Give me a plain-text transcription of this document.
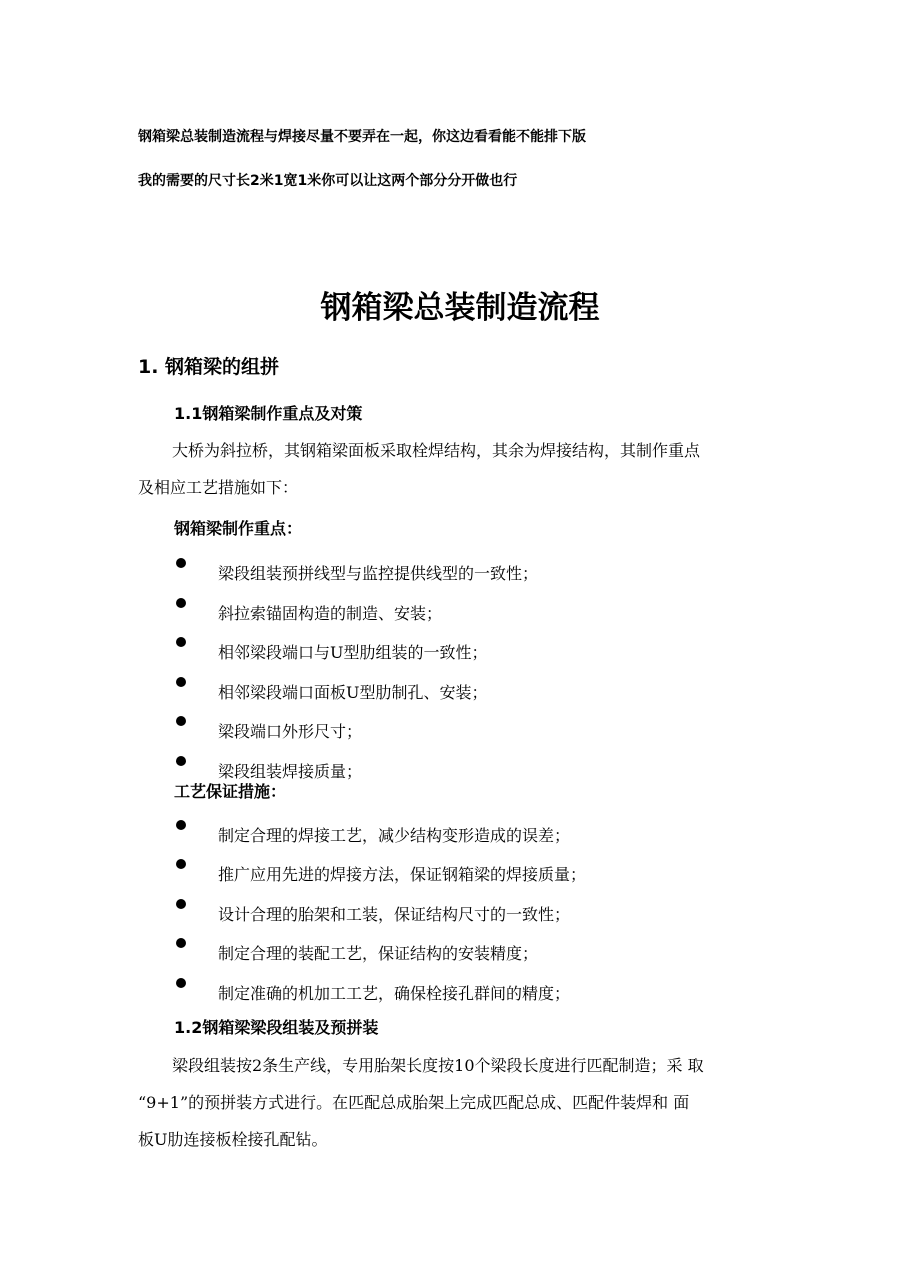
钢箱梁总装制造流程与焊接尽量不要弄在一起，你这边看看能不能排下版
我的需要的尺寸长2米1宽1米你可以让这两个部分分开做也行
钢箱梁总装制造流程
1. 钢箱梁的组拼
1.1钢箱梁制作重点及对策
大桥为斜拉桥，其钢箱梁面板采取栓焊结构，其余为焊接结构，其制作重点
及相应工艺措施如下：
钢箱梁制作重点：
梁段组装预拼线型与监控提供线型的一致性；
斜拉索锚固构造的制造、安装；
相邻梁段端口与U型肋组装的一致性；
相邻梁段端口面板U型肋制孔、安装；
梁段端口外形尺寸；
梁段组装焊接质量；
工艺保证措施：
制定合理的焊接工艺，减少结构变形造成的误差；
推广应用先进的焊接方法，保证钢箱梁的焊接质量；
设计合理的胎架和工装，保证结构尺寸的一致性；
制定合理的装配工艺，保证结构的安装精度；
制定准确的机加工工艺，确保栓接孔群间的精度；
1.2钢箱梁梁段组装及预拼装
梁段组装按2条生产线，专用胎架长度按10个梁段长度进行匹配制造；采 取
“9+1”的预拼装方式进行。在匹配总成胎架上完成匹配总成、匹配件装焊和 面
板U肋连接板栓接孔配钻。
